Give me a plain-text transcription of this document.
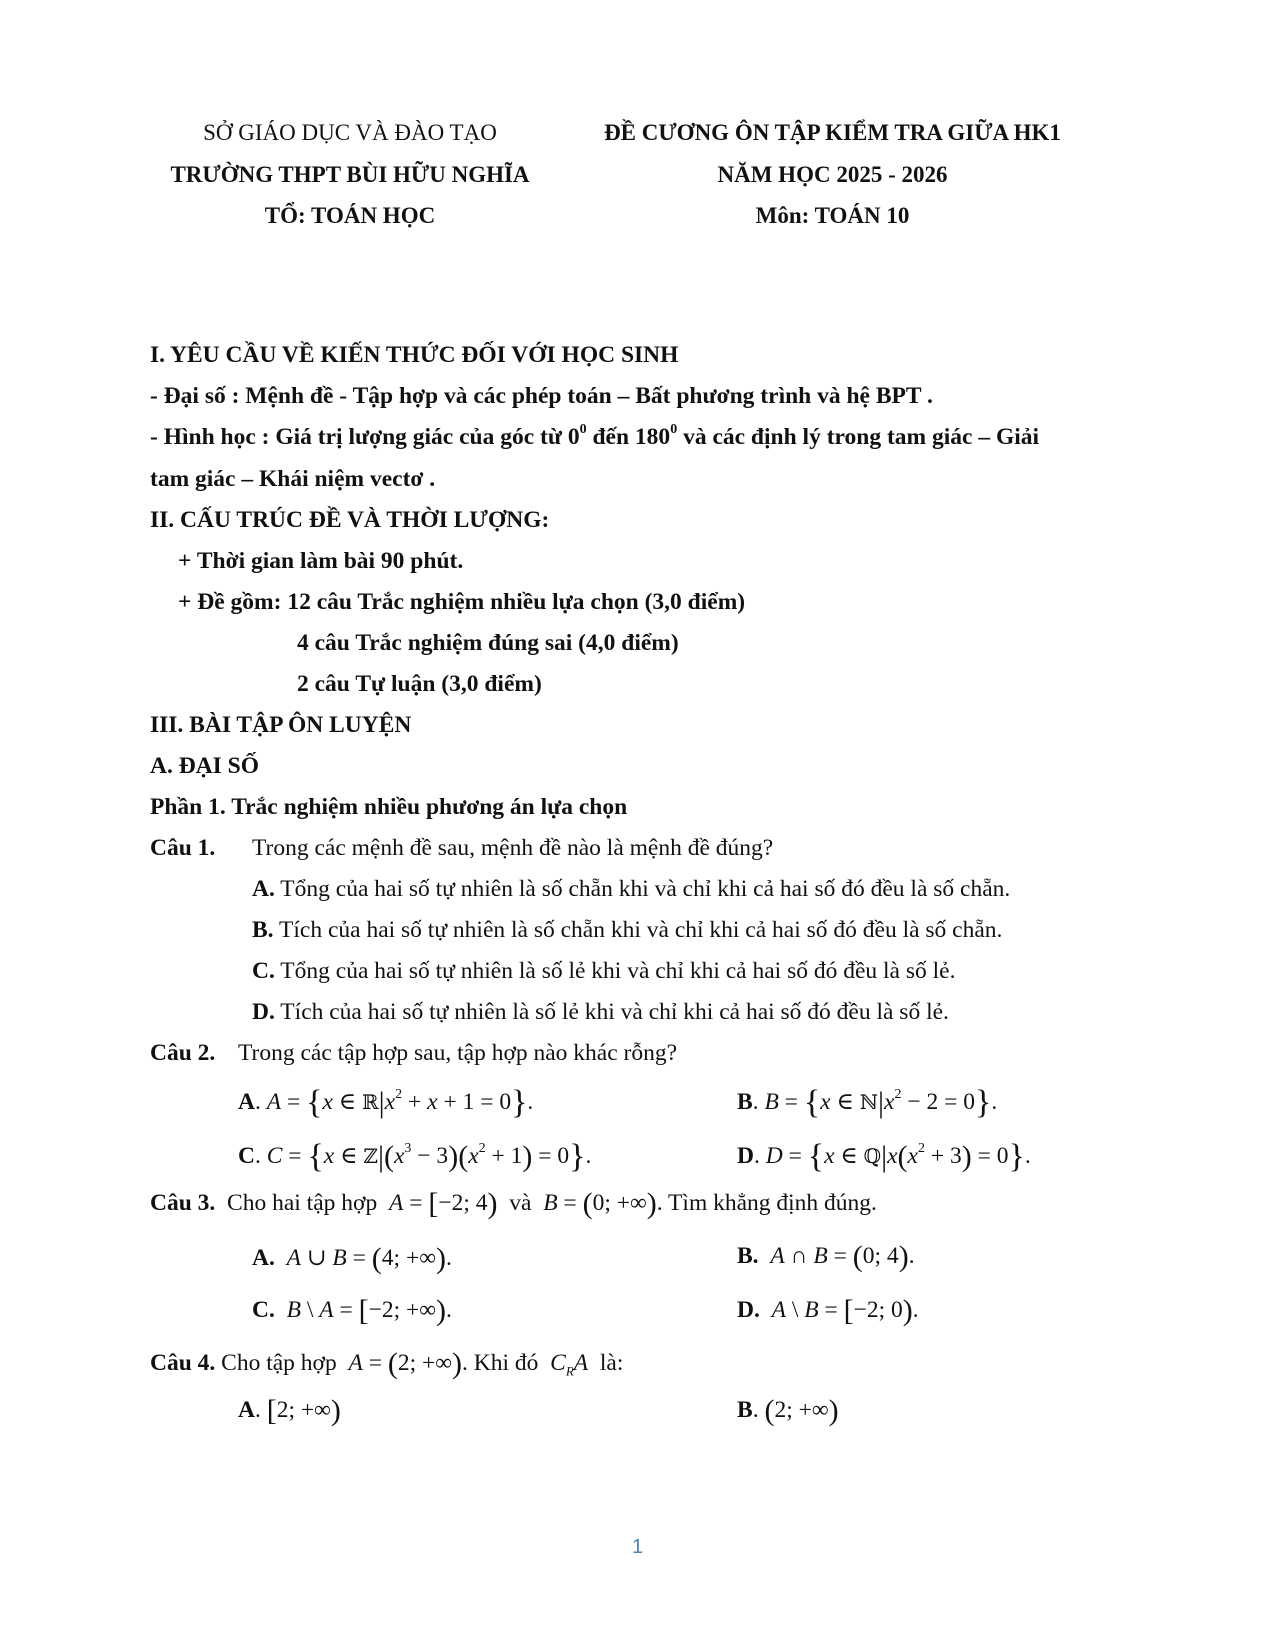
SỞ GIÁO DỤC VÀ ĐÀO TẠO
TRƯỜNG THPT BÙI HỮU NGHĨA
TỔ: TOÁN HỌC
ĐỀ CƯƠNG ÔN TẬP KIỂM TRA GIỮA HK1
NĂM HỌC 2025 - 2026
Môn: TOÁN 10
I. YÊU CẦU VỀ KIẾN THỨC ĐỐI VỚI HỌC SINH
- Đại số : Mệnh đề - Tập hợp và các phép toán – Bất phương trình và hệ BPT .
- Hình học : Giá trị lượng giác của góc từ $0^0$ đến $180^0$ và các định lý trong tam giác – Giải
tam giác – Khái niệm vectơ .
II. CẤU TRÚC ĐỀ VÀ THỜI LƯỢNG:
+ Thời gian làm bài 90 phút.
+ Đề gồm: 12 câu Trắc nghiệm nhiều lựa chọn (3,0 điểm)
4 câu Trắc nghiệm đúng sai (4,0 điểm)
2 câu Tự luận (3,0 điểm)
III. BÀI TẬP ÔN LUYỆN
A. ĐẠI SỐ
Phần 1. Trắc nghiệm nhiều phương án lựa chọn
Câu 1. Trong các mệnh đề sau, mệnh đề nào là mệnh đề đúng?
A. Tổng của hai số tự nhiên là số chẵn khi và chỉ khi cả hai số đó đều là số chẵn.
B. Tích của hai số tự nhiên là số chẵn khi và chỉ khi cả hai số đó đều là số chẵn.
C. Tổng của hai số tự nhiên là số lẻ khi và chỉ khi cả hai số đó đều là số lẻ.
D. Tích của hai số tự nhiên là số lẻ khi và chỉ khi cả hai số đó đều là số lẻ.
Câu 2. Trong các tập hợp sau, tập hợp nào khác rỗng?
A. A = {x ∈ $ℝ|x^2 + x + 1 = 0$}.	B. B = {x ∈ $ℕ|x^2 - 2 = 0$}.
C. C = {x ∈ $ℤ|(x^3 - 3)(x^2 + 1) = 0$}.	D. D = {x ∈ $ℚ|x(x^2 + 3) = 0$}.
Câu 3. Cho hai tập hợp A = [−2; 4) và B = (0; +∞). Tìm khẳng định đúng.
A. A ∪ B = (4; +∞).	B. A ∩ B = (0; 4).
C. B \ A = [−2; +∞).	D. A \ B = [−2; 0).
Câu 4. Cho tập hợp A = (2; +∞). Khi đó $C_RA$ là:
A. [2; +∞)	B. (2; +∞)
1
